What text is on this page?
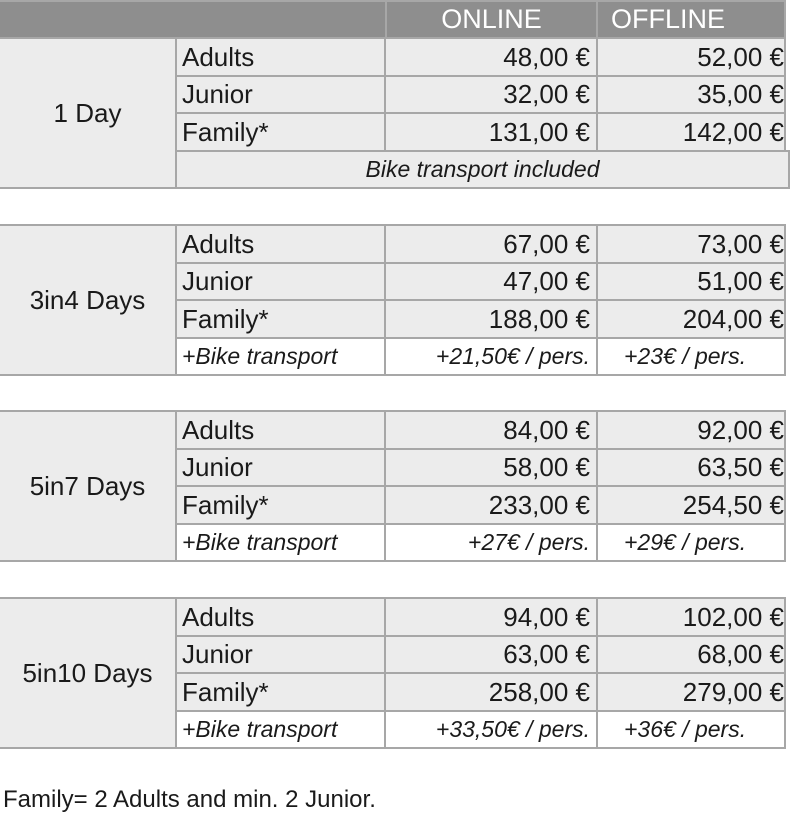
ONLINE	OFFLINE
1 Day
Adults	48,00 €	52,00 €
Junior	32,00 €	35,00 €
Family*	131,00 €	142,00 €
Bike transport included
3in4 Days
Adults	67,00 €	73,00 €
Junior	47,00 €	51,00 €
Family*	188,00 €	204,00 €
+Bike transport	+21,50€ / pers.	+23€ / pers.
5in7 Days
Adults	84,00 €	92,00 €
Junior	58,00 €	63,50 €
Family*	233,00 €	254,50 €
+Bike transport	+27€ / pers.	+29€ / pers.
5in10 Days
Adults	94,00 €	102,00 €
Junior	63,00 €	68,00 €
Family*	258,00 €	279,00 €
+Bike transport	+33,50€ / pers.	+36€ / pers.
Family= 2 Adults and min. 2 Junior.
